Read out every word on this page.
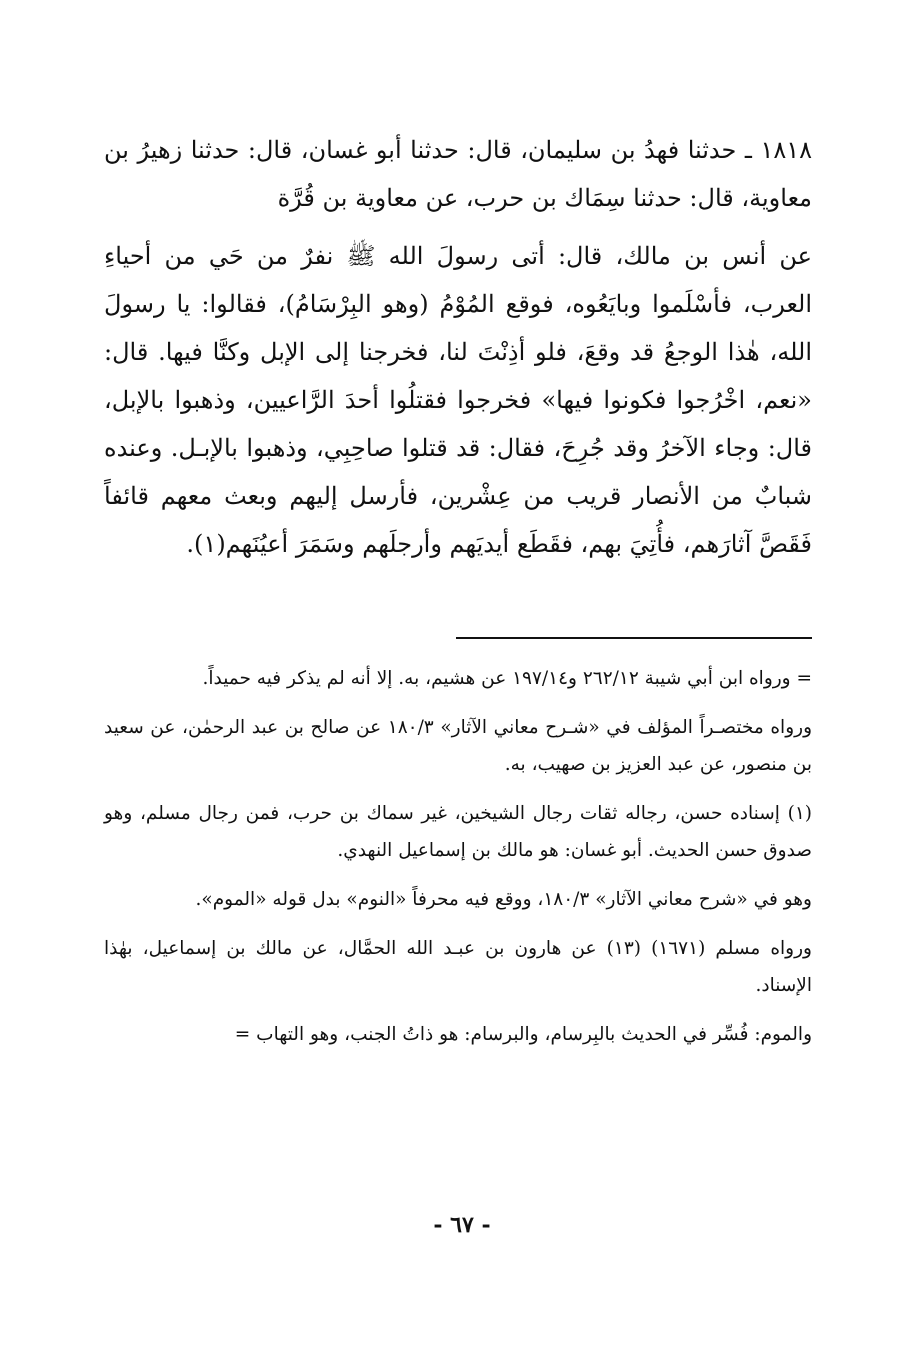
١٨١٨ ـ حدثنا فهدُ بن سليمان، قال: حدثنا أبو غسان، قال: حدثنا زهيرُ بن معاوية، قال: حدثنا سِمَاك بن حرب، عن معاوية بن قُرَّة

عن أنس بن مالك، قال: أتى رسولَ الله ﷺ نفرٌ من حَي من أحياءِ العرب، فأسْلَموا وبايَعُوه، فوقع المُوْمُ (وهو البِرْسَامُ)، فقالوا: يا رسولَ الله، هٰذا الوجعُ قد وقعَ، فلو أذِنْتَ لنا، فخرجنا إلى الإبل وكنَّا فيها. قال: «نعم، اخْرُجوا فكونوا فيها» فخرجوا فقتلُوا أحدَ الرَّاعيين، وذهبوا بالإبل، قال: وجاء الآخرُ وقد جُرِحَ، فقال: قد قتلوا صاحِبِي، وذهبوا بالإبـل. وعنده شبابٌ من الأنصار قريب من عِشْرين، فأرسل إليهم وبعث معهم قائفاً فَقَصَّ آثارَهم، فأُتِيَ بهم، فقَطَع أيديَهم وأرجلَهم وسَمَرَ أعيُنَهم(١).

= ورواه ابن أبي شيبة ٢٦٢/١٢ و١٩٧/١٤ عن هشيم، به. إلا أنه لم يذكر فيه حميداً.

ورواه مختصـراً المؤلف في «شـرح معاني الآثار» ١٨٠/٣ عن صالح بن عبد الرحمٰن، عن سعيد بن منصور، عن عبد العزيز بن صهيب، به.

(١) إسناده حسن، رجاله ثقات رجال الشيخين، غير سماك بن حرب، فمن رجال مسلم، وهو صدوق حسن الحديث. أبو غسان: هو مالك بن إسماعيل النهدي.

وهو في «شرح معاني الآثار» ١٨٠/٣، ووقع فيه محرفاً «النوم» بدل قوله «الموم».

ورواه مسلم (١٦٧١) (١٣) عن هارون بن عبـد الله الحمَّال، عن مالك بن إسماعيل، بهٰذا الإسناد.

والموم: فُسِّر في الحديث بالبِرسام، والبرسام: هو ذاتُ الجنب، وهو التهاب =

- ٦٧ -
